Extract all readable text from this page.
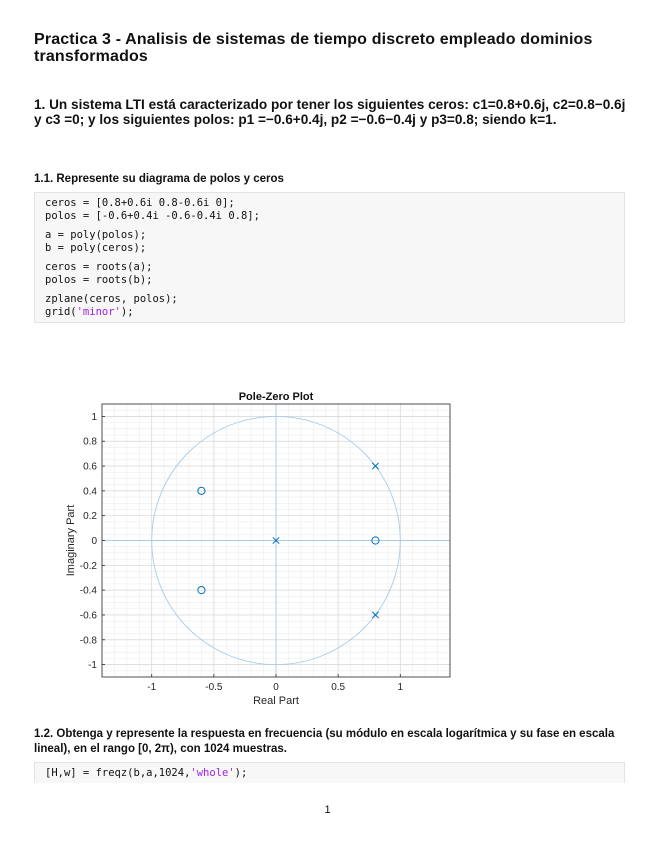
Practica 3 - Analisis de sistemas de tiempo discreto empleado dominios transformados
1. Un sistema LTI está caracterizado por tener los siguientes ceros: c1=0.8+0.6j, c2=0.8−0.6j y c3 =0; y los siguientes polos: p1 =−0.6+0.4j, p2 =−0.6−0.4j y p3=0.8; siendo k=1.
1.1. Represente su diagrama de polos y ceros
ceros = [0.8+0.6i 0.8-0.6i 0];
polos = [-0.6+0.4i -0.6-0.4i 0.8];
a = poly(polos);
b = poly(ceros);
ceros = roots(a);
polos = roots(b);
zplane(ceros, polos);
grid('minor');
-1	-0.5	0	0.5	1
1
0.8
0.6
0.4
0.2
0
-0.2
-0.4
-0.6
-0.8
-1
Pole-Zero Plot
Real Part
Imaginary Part
1.2. Obtenga y represente la respuesta en frecuencia (su módulo en escala logarítmica y su fase en escala lineal), en el rango [0, 2π), con 1024 muestras.
[H,w] = freqz(b,a,1024,'whole');
1
